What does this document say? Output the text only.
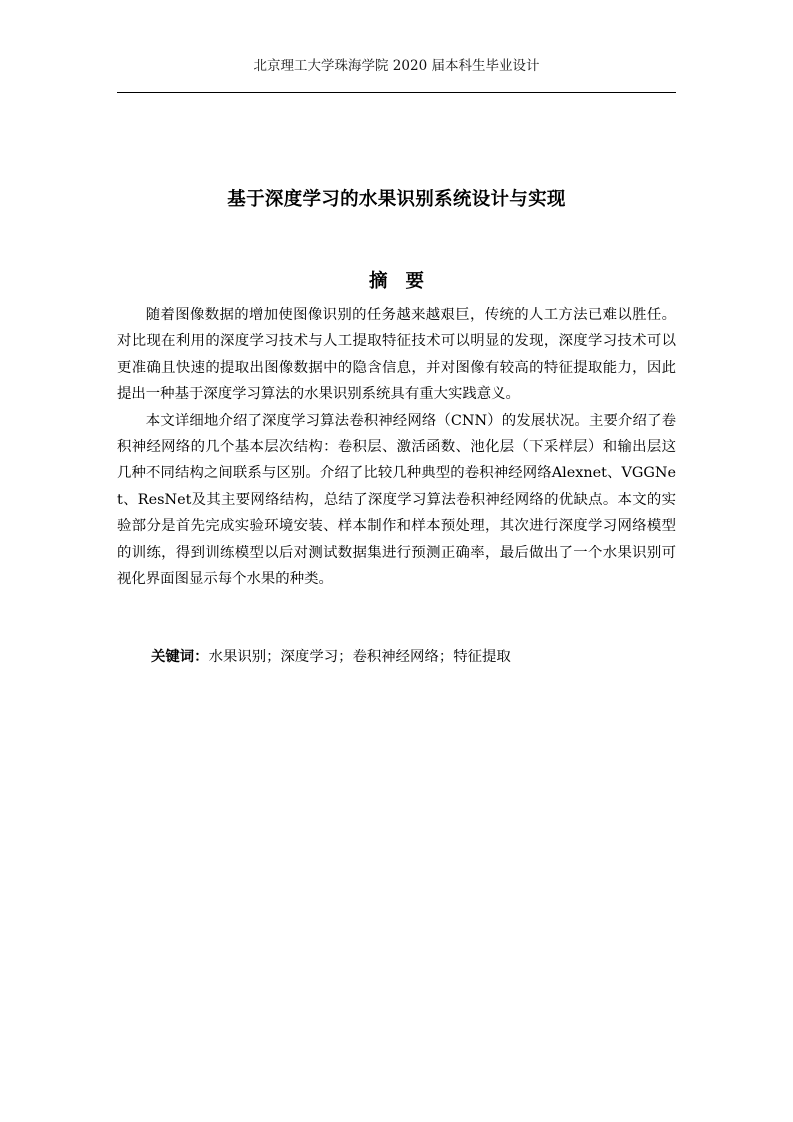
北京理工大学珠海学院 2020 届本科生毕业设计
基于深度学习的水果识别系统设计与实现
摘要

随着图像数据的增加使图像识别的任务越来越艰巨，传统的人工方法已难以胜任。对比现在利用的深度学习技术与人工提取特征技术可以明显的发现，深度学习技术可以更准确且快速的提取出图像数据中的隐含信息，并对图像有较高的特征提取能力，因此提出一种基于深度学习算法的水果识别系统具有重大实践意义。

本文详细地介绍了深度学习算法卷积神经网络（CNN）的发展状况。主要介绍了卷积神经网络的几个基本层次结构：卷积层、激活函数、池化层（下采样层）和输出层这几种不同结构之间联系与区别。介绍了比较几种典型的卷积神经网络Alexnet、VGGNet、ResNet及其主要网络结构，总结了深度学习算法卷积神经网络的优缺点。本文的实验部分是首先完成实验环境安装、样本制作和样本预处理，其次进行深度学习网络模型的训练，得到训练模型以后对测试数据集进行预测正确率，最后做出了一个水果识别可视化界面图显示每个水果的种类。

关键词：水果识别；深度学习；卷积神经网络；特征提取
